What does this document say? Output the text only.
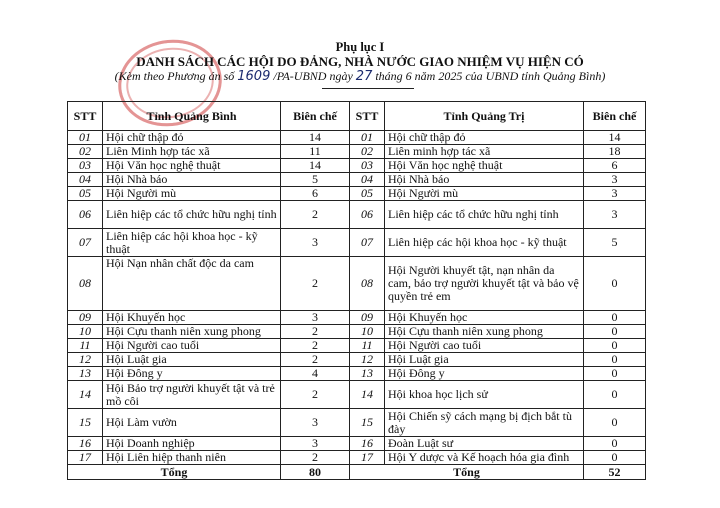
Phụ lục I
DANH SÁCH CÁC HỘI DO ĐẢNG, NHÀ NƯỚC GIAO NHIỆM VỤ HIỆN CÓ
(Kèm theo Phương án số 1609 /PA-UBND ngày 27 tháng 6 năm 2025 của UBND tỉnh Quảng Bình)
STT	Tỉnh Quảng Bình	Biên chế	STT	Tỉnh Quảng Trị	Biên chế
01	Hội chữ thập đỏ	14	01	Hội chữ thập đỏ	14
02	Liên Minh hợp tác xã	11	02	Liên minh hợp tác xã	18
03	Hội Văn học nghệ thuật	14	03	Hội Văn học nghệ thuật	6
04	Hội Nhà báo	5	04	Hội Nhà báo	3
05	Hội Người mù	6	05	Hội Người mù	3
06	Liên hiệp các tổ chức hữu nghị tỉnh	2	06	Liên hiệp các tổ chức hữu nghị tỉnh	3
07	Liên hiệp các hội khoa học - kỹ thuật	3	07	Liên hiệp các hội khoa học - kỹ thuật	5
08	Hội Nạn nhân chất độc da cam	2	08	Hội Người khuyết tật, nạn nhân da cam, bảo trợ người khuyết tật và bảo vệ quyền trẻ em	0
09	Hội Khuyến học	3	09	Hội Khuyến học	0
10	Hội Cựu thanh niên xung phong	2	10	Hội Cựu thanh niên xung phong	0
11	Hội Người cao tuổi	2	11	Hội Người cao tuổi	0
12	Hội Luật gia	2	12	Hội Luật gia	0
13	Hội Đông y	4	13	Hội Đông y	0
14	Hội Bảo trợ người khuyết tật và trẻ mồ côi	2	14	Hội khoa học lịch sử	0
15	Hội Làm vườn	3	15	Hội Chiến sỹ cách mạng bị địch bắt tù đày	0
16	Hội Doanh nghiệp	3	16	Đoàn Luật sư	0
17	Hội Liên hiệp thanh niên	2	17	Hội Y dược và Kế hoạch hóa gia đình	0
Tổng		80	Tổng		52
